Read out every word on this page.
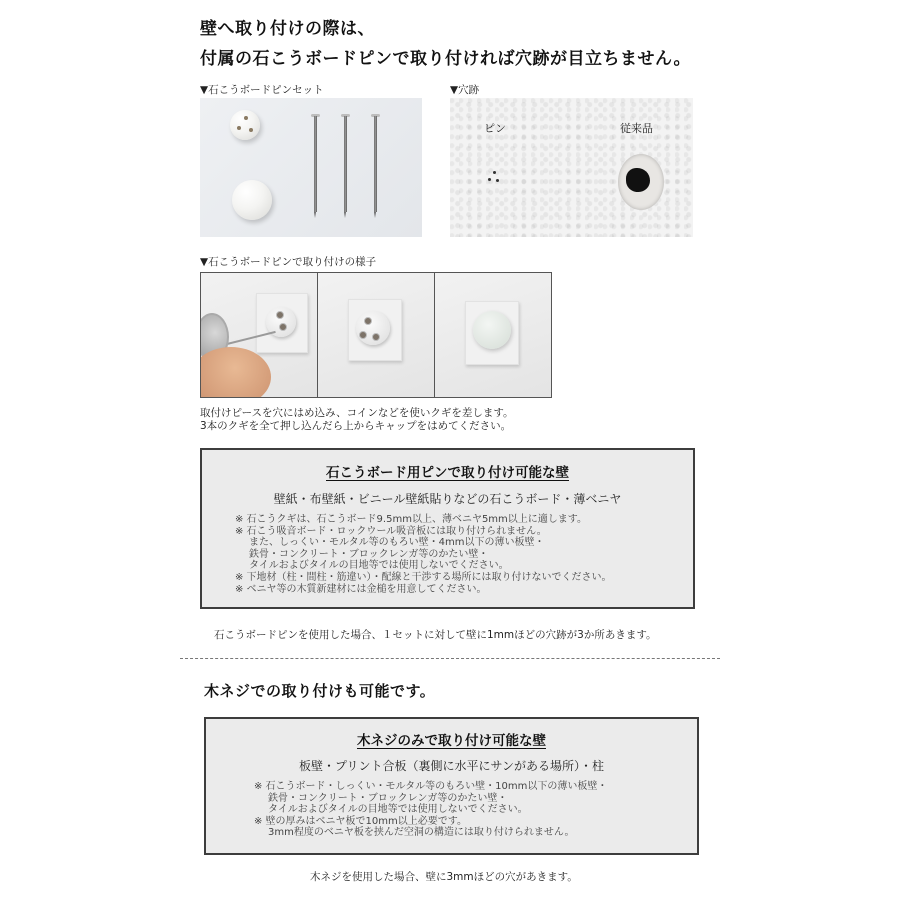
壁へ取り付けの際は、
付属の石こうボードピンで取り付ければ穴跡が目立ちません。
▼石こうボードピンセット	▼穴跡
ピン	従来品
▼石こうボードピンで取り付けの様子
取付けピースを穴にはめ込み、コインなどを使いクギを差します。
3本のクギを全て押し込んだら上からキャップをはめてください。
石こうボード用ピンで取り付け可能な壁
壁紙・布壁紙・ビニール壁紙貼りなどの石こうボード・薄ベニヤ
※ 石こうクギは、石こうボード9.5mm以上、薄ベニヤ5mm以上に適します。
※ 石こう吸音ボード・ロックウール吸音板には取り付けられません。
また、しっくい・モルタル等のもろい壁・4mm以下の薄い板壁・
鉄骨・コンクリート・ブロックレンガ等のかたい壁・
タイルおよびタイルの目地等では使用しないでください。
※ 下地材（柱・間柱・筋違い）・配線と干渉する場所には取り付けないでください。
※ ベニヤ等の木質新建材には金槌を用意してください。
石こうボードピンを使用した場合、１セットに対して壁に1mmほどの穴跡が3か所あきます。
木ネジでの取り付けも可能です。
木ネジのみで取り付け可能な壁
板壁・プリント合板（裏側に水平にサンがある場所）・柱
※ 石こうボード・しっくい・モルタル等のもろい壁・10mm以下の薄い板壁・
鉄骨・コンクリート・ブロックレンガ等のかたい壁・
タイルおよびタイルの目地等では使用しないでください。
※ 壁の厚みはベニヤ板で10mm以上必要です。
3mm程度のベニヤ板を挟んだ空洞の構造には取り付けられません。
木ネジを使用した場合、壁に3mmほどの穴があきます。
